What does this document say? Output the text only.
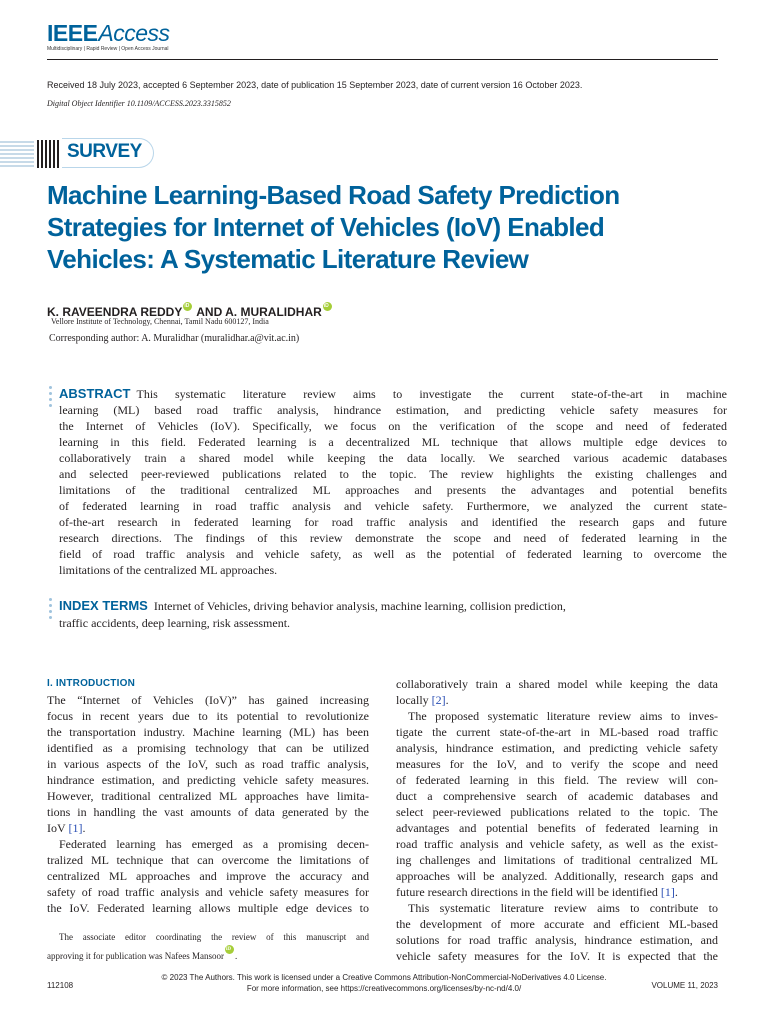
IEEEAccess
Multidisciplinary | Rapid Review | Open Access Journal
Received 18 July 2023, accepted 6 September 2023, date of publication 15 September 2023, date of current version 16 October 2023.
Digital Object Identifier 10.1109/ACCESS.2023.3315852
SURVEY
Machine Learning-Based Road Safety Prediction
Strategies for Internet of Vehicles (IoV) Enabled
Vehicles: A Systematic Literature Review
K. RAVEENDRA REDDYiD AND A. MURALIDHARiD
Vellore Institute of Technology, Chennai, Tamil Nadu 600127, India
Corresponding author: A. Muralidhar (muralidhar.a@vit.ac.in)
ABSTRACT This systematic literature review aims to investigate the current state-of-the-art in machine
learning (ML) based road traffic analysis, hindrance estimation, and predicting vehicle safety measures for
the Internet of Vehicles (IoV). Specifically, we focus on the verification of the scope and need of federated
learning in this field. Federated learning is a decentralized ML technique that allows multiple edge devices to
collaboratively train a shared model while keeping the data locally. We searched various academic databases
and selected peer-reviewed publications related to the topic. The review highlights the existing challenges and
limitations of the traditional centralized ML approaches and presents the advantages and potential benefits
of federated learning in road traffic analysis and vehicle safety. Furthermore, we analyzed the current state-
of-the-art research in federated learning for road traffic analysis and identified the research gaps and future
research directions. The findings of this review demonstrate the scope and need of federated learning in the
field of road traffic analysis and vehicle safety, as well as the potential of federated learning to overcome the
limitations of the centralized ML approaches.
INDEX TERMS Internet of Vehicles, driving behavior analysis, machine learning, collision prediction,
traffic accidents, deep learning, risk assessment.
I. INTRODUCTION
The “Internet of Vehicles (IoV)” has gained increasing
focus in recent years due to its potential to revolutionize
the transportation industry. Machine learning (ML) has been
identified as a promising technology that can be utilized
in various aspects of the IoV, such as road traffic analysis,
hindrance estimation, and predicting vehicle safety measures.
However, traditional centralized ML approaches have limita-
tions in handling the vast amounts of data generated by the
IoV [1].
Federated learning has emerged as a promising decen-
tralized ML technique that can overcome the limitations of
centralized ML approaches and improve the accuracy and
safety of road traffic analysis and vehicle safety measures for
the IoV. Federated learning allows multiple edge devices to
The associate editor coordinating the review of this manuscript and
approving it for publication was Nafees MansooriD .
collaboratively train a shared model while keeping the data
locally [2].
The proposed systematic literature review aims to inves-
tigate the current state-of-the-art in ML-based road traffic
analysis, hindrance estimation, and predicting vehicle safety
measures for the IoV, and to verify the scope and need
of federated learning in this field. The review will con-
duct a comprehensive search of academic databases and
select peer-reviewed publications related to the topic. The
advantages and potential benefits of federated learning in
road traffic analysis and vehicle safety, as well as the exist-
ing challenges and limitations of traditional centralized ML
approaches will be analyzed. Additionally, research gaps and
future research directions in the field will be identified [1].
This systematic literature review aims to contribute to
the development of more accurate and efficient ML-based
solutions for road traffic analysis, hindrance estimation, and
vehicle safety measures for the IoV. It is expected that the
© 2023 The Authors. This work is licensed under a Creative Commons Attribution-NonCommercial-NoDerivatives 4.0 License.
For more information, see https://creativecommons.org/licenses/by-nc-nd/4.0/
112108	VOLUME 11, 2023
